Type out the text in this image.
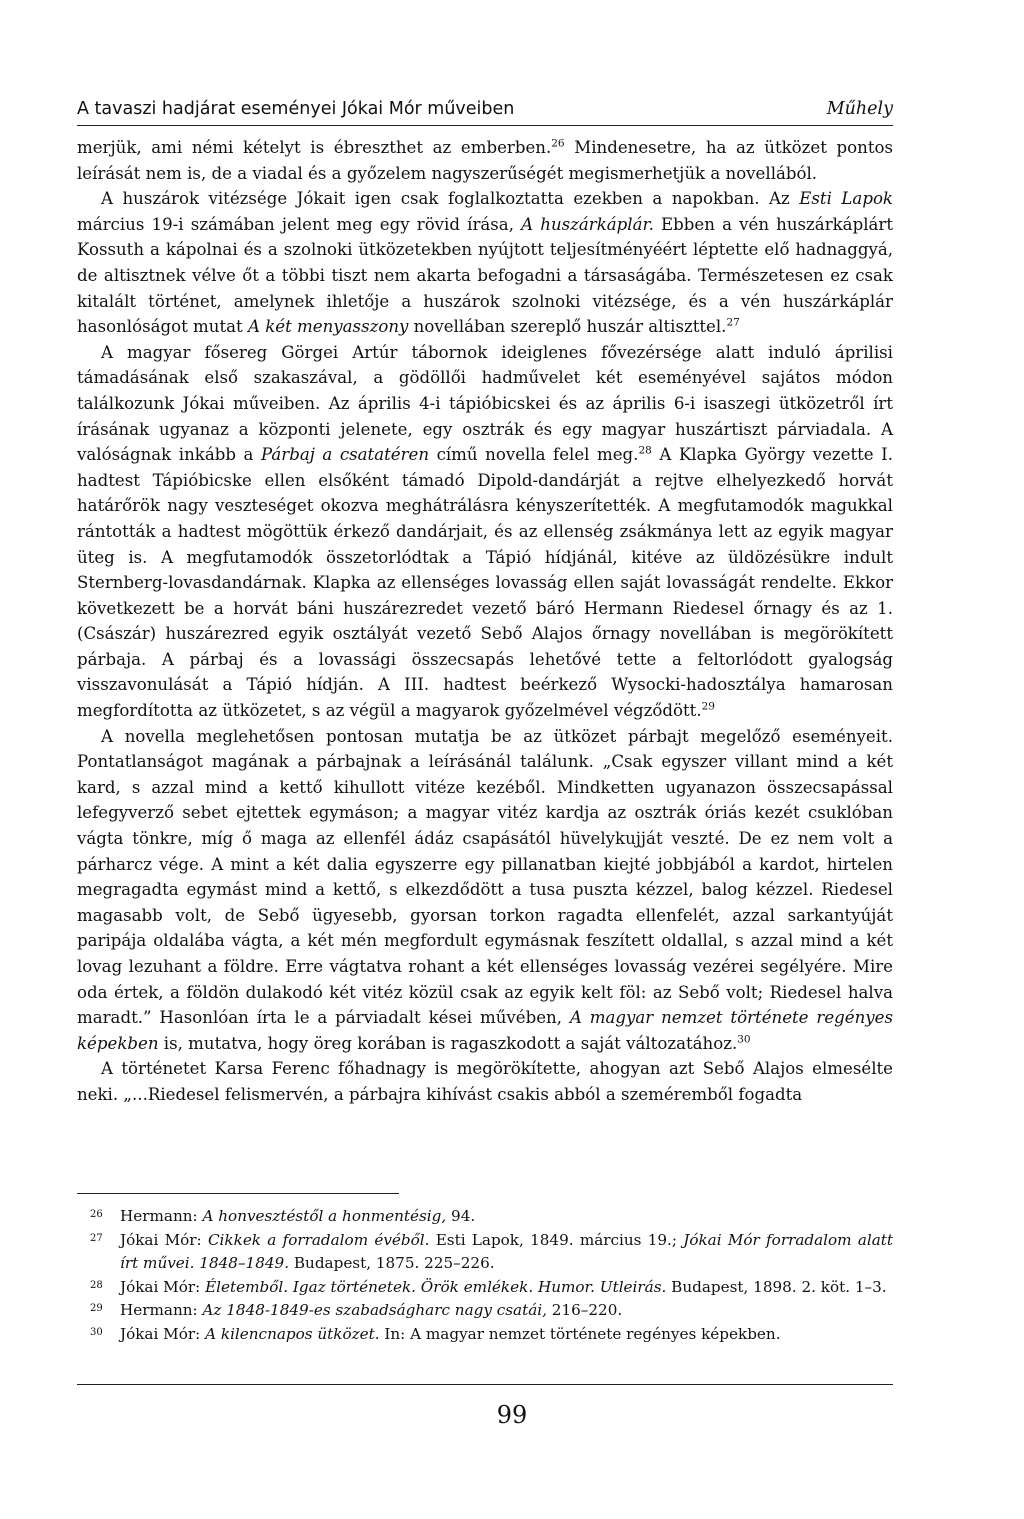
A tavaszi hadjárat eseményei Jókai Mór műveiben	Műhely

merjük, ami némi kételyt is ébreszthet az emberben.$^{26}$ Mindenesetre, ha az ütközet pontos leírását nem is, de a viadal és a győzelem nagyszerűségét megismerhetjük a novellából.

A huszárok vitézsége Jókait igen csak foglalkoztatta ezekben a napokban. Az Esti Lapok március 19-i számában jelent meg egy rövid írása, A huszárkáplár. Ebben a vén huszárkáplárt Kossuth a kápolnai és a szolnoki ütközetekben nyújtott teljesítményéért léptette elő hadnaggyá, de altisztnek vélve őt a többi tiszt nem akarta befogadni a társaságába. Természetesen ez csak kitalált történet, amelynek ihletője a huszárok szolnoki vitézsége, és a vén huszárkáplár hasonlóságot mutat A két menyasszony novellában szereplő huszár altiszttel.$^{27}$

A magyar fősereg Görgei Artúr tábornok ideiglenes fővezérsége alatt induló áprilisi támadásának első szakaszával, a gödöllői hadművelet két eseményével sajátos módon találkozunk Jókai műveiben. Az április 4-i tápióbicskei és az április 6-i isaszegi ütközetről írt írásának ugyanaz a központi jelenete, egy osztrák és egy magyar huszártiszt párviadala. A valóságnak inkább a Párbaj a csatatéren című novella felel meg.$^{28}$ A Klapka György vezette I. hadtest Tápióbicske ellen elsőként támadó Dipold-dandárját a rejtve elhelyezkedő horvát határőrök nagy veszteséget okozva meghátrálásra kényszerítették. A megfutamodók magukkal rántották a hadtest mögöttük érkező dandárjait, és az ellenség zsákmánya lett az egyik magyar üteg is. A megfutamodók összetorlódtak a Tápió hídjánál, kitéve az üldözésükre indult Sternberg-lovasdandárnak. Klapka az ellenséges lovasság ellen saját lovasságát rendelte. Ekkor következett be a horvát báni huszárezredet vezető báró Hermann Riedesel őrnagy és az 1. (Császár) huszárezred egyik osztályát vezető Sebő Alajos őrnagy novellában is megörökített párbaja. A párbaj és a lovassági összecsapás lehetővé tette a feltorlódott gyalogság visszavonulását a Tápió hídján. A III. hadtest beérkező Wysocki-hadosztálya hamarosan megfordította az ütközetet, s az végül a magyarok győzelmével végződött.$^{29}$

A novella meglehetősen pontosan mutatja be az ütközet párbajt megelőző eseményeit. Pontatlanságot magának a párbajnak a leírásánál találunk. „Csak egyszer villant mind a két kard, s azzal mind a kettő kihullott vitéze kezéből. Mindketten ugyanazon összecsapással lefegyverző sebet ejtettek egymáson; a magyar vitéz kardja az osztrák óriás kezét csuklóban vágta tönkre, míg ő maga az ellenfél ádáz csapásától hüvelykujját veszté. De ez nem volt a párharcz vége. A mint a két dalia egyszerre egy pillanatban kiejté jobbjából a kardot, hirtelen megragadta egymást mind a kettő, s elkezdődött a tusa puszta kézzel, balog kézzel. Riedesel magasabb volt, de Sebő ügyesebb, gyorsan torkon ragadta ellenfelét, azzal sarkantyúját paripája oldalába vágta, a két mén megfordult egymásnak feszített oldallal, s azzal mind a két lovag lezuhant a földre. Erre vágtatva rohant a két ellenséges lovasság vezérei segélyére. Mire oda értek, a földön dulakodó két vitéz közül csak az egyik kelt föl: az Sebő volt; Riedesel halva maradt.” Hasonlóan írta le a párviadalt kései művében, A magyar nemzet története regényes képekben is, mutatva, hogy öreg korában is ragaszkodott a saját változatához.$^{30}$

A történetet Karsa Ferenc főhadnagy is megörökítette, ahogyan azt Sebő Alajos elmesélte neki. „...Riedesel felismervén, a párbajra kihívást csakis abból a szeméremből fogadta

26	Hermann: A honvesztéstől a honmentésig, 94.
27	Jókai Mór: Cikkek a forradalom évéből. Esti Lapok, 1849. március 19.; Jókai Mór forradalom alatt írt művei. 1848–1849. Budapest, 1875. 225–226.
28	Jókai Mór: Életemből. Igaz történetek. Örök emlékek. Humor. Utleirás. Budapest, 1898. 2. köt. 1–3.
29	Hermann: Az 1848-1849-es szabadságharc nagy csatái, 216–220.
30	Jókai Mór: A kilencnapos ütközet. In: A magyar nemzet története regényes képekben.
99
